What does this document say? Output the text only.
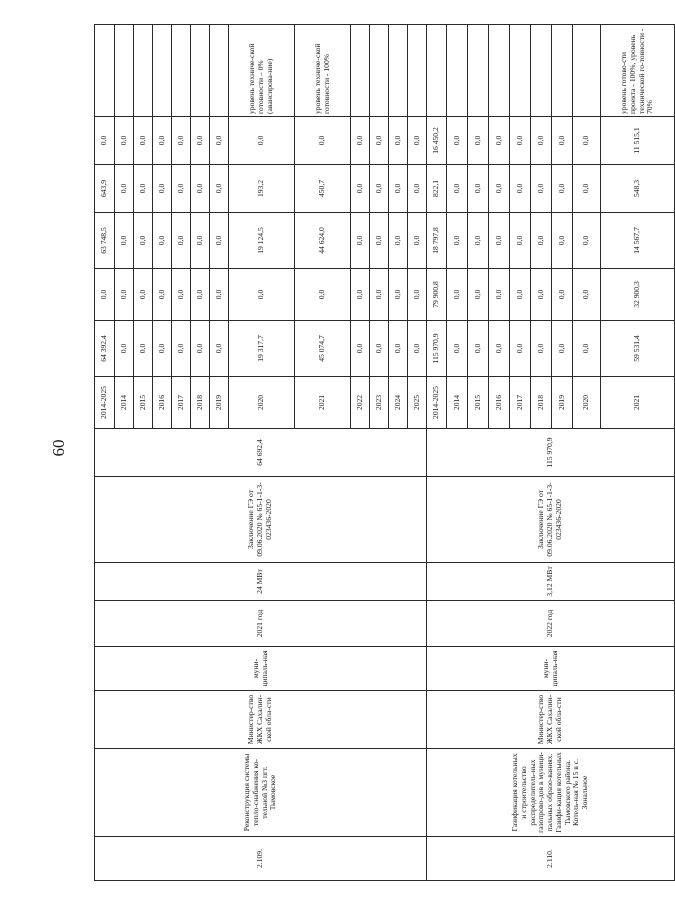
60
2.109.	Реконструкция системы тепло-снабжения ко-тельной №3 пгт. Тымовское	Министер-ство ЖКХ Сахалин-ской обла-сти	муни-ципаль-ная	2021 год	24 МВт	Заключение ГЭ от 09.06.2020 № 65-1-1-3-023436-2020	64 692,4	2014-2025	64 392,4	0,0	63 748,5	643,9	0,0	
								2014	0,0	0,0	0,0	0,0	0,0	
								2015	0,0	0,0	0,0	0,0	0,0	
								2016	0,0	0,0	0,0	0,0	0,0	
								2017	0,0	0,0	0,0	0,0	0,0	
								2018	0,0	0,0	0,0	0,0	0,0	
								2019	0,0	0,0	0,0	0,0	0,0	
								2020	19 317,7	0,0	19 124,5	193,2	0,0	уровень техниче-ской готовности – 0% (авансирова-ние)
								2021	45 074,7	0,0	44 624,0	450,7	0,0	уровень техниче-ской готовности - 100%
								2022	0,0	0,0	0,0	0,0	0,0	
								2023	0,0	0,0	0,0	0,0	0,0	
								2024	0,0	0,0	0,0	0,0	0,0	
								2025	0,0	0,0	0,0	0,0	0,0	
2.110.	Газификация котельных и строительство распределитель-ных газопрово-дов в муници-пальных образо-ваниях. Газифи-кация котельных Тымовского района. Котель-ная № 15 в с. Зональное	Министер-ство ЖКХ Сахалин-ской обла-сти	муни-ципаль-ная	2022 год	3,12 МВт	Заключение ГЭ от 09.06.2020 № 65-1-1-3-023436-2020	115 970,9	2014-2025	115 970,9	79 900,8	18 797,8	822,1	16 450,2	
								2014	0,0	0,0	0,0	0,0	0,0	
								2015	0,0	0,0	0,0	0,0	0,0	
								2016	0,0	0,0	0,0	0,0	0,0	
								2017	0,0	0,0	0,0	0,0	0,0	
								2018	0,0	0,0	0,0	0,0	0,0	
								2019	0,0	0,0	0,0	0,0	0,0	
								2020	0,0	0,0	0,0	0,0	0,0	
								2021	59 531,4	32 900,3	14 567,7	548,3	11 515,1	уровень готово-сти проекта - 100%, уровень технической го-товности - 70%
